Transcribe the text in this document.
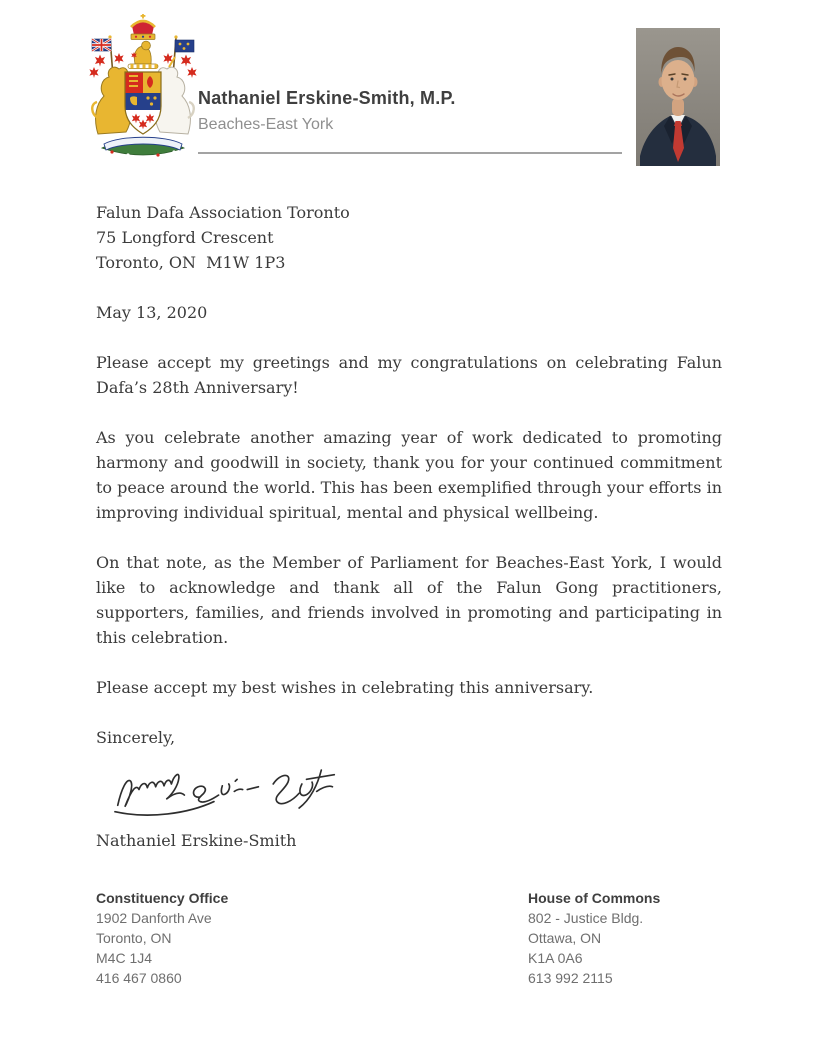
Nathaniel Erskine-Smith, M.P.
Beaches-East York
Falun Dafa Association Toronto
75 Longford Crescent
Toronto, ON  M1W 1P3
May 13, 2020

Please accept my greetings and my congratulations on celebrating Falun Dafa’s 28th Anniversary!

As you celebrate another amazing year of work dedicated to promoting harmony and goodwill in society, thank you for your continued commitment to peace around the world. This has been exemplified through your efforts in improving individual spiritual, mental and physical wellbeing.

On that note, as the Member of Parliament for Beaches-East York, I would like to acknowledge and thank all of the Falun Gong practitioners, supporters, families, and friends involved in promoting and participating in this celebration.

Please accept my best wishes in celebrating this anniversary.

Sincerely,
Nathaniel Erskine-Smith
Constituency Office
1902 Danforth Ave
Toronto, ON
M4C 1J4
416 467 0860
House of Commons
802 - Justice Bldg.
Ottawa, ON
K1A 0A6
613 992 2115
